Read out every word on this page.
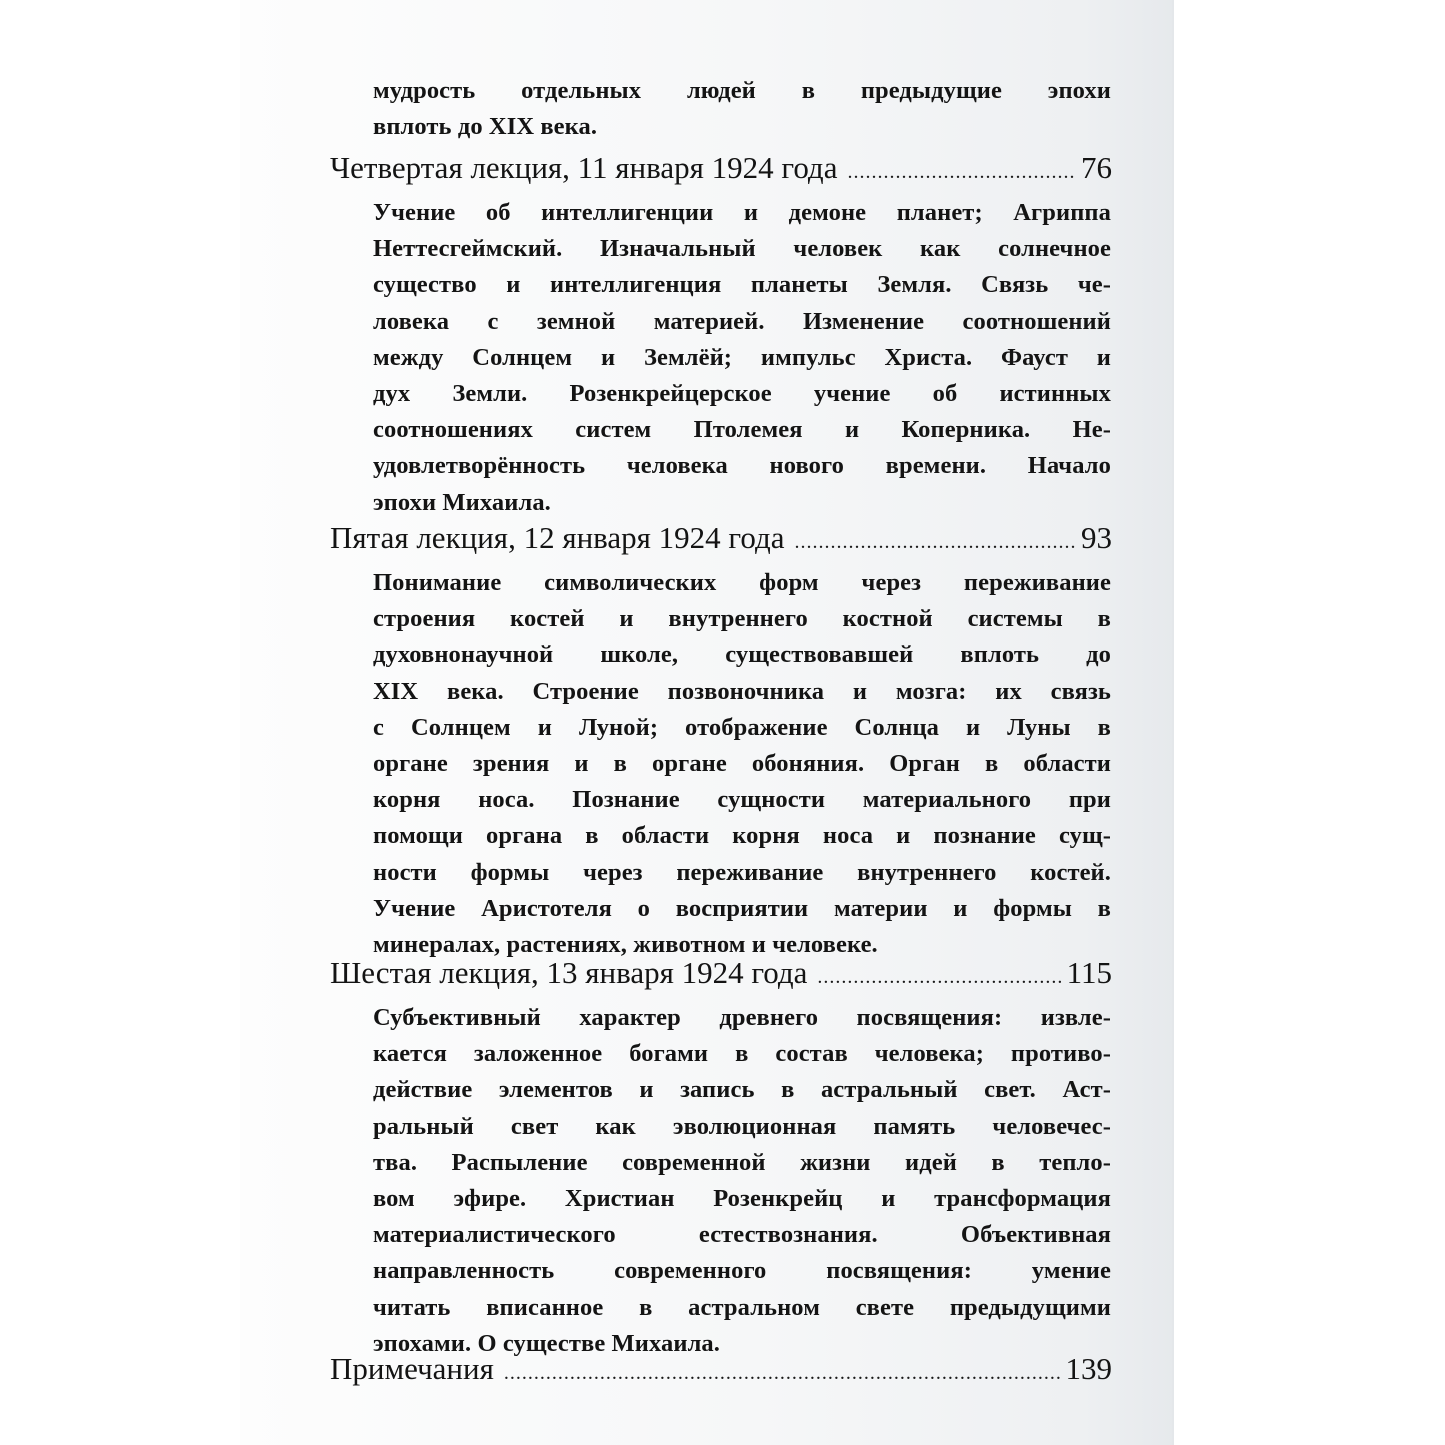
мудрость отдельных людей в предыдущие эпохи
вплоть до XIX века.
Четвертая лекция, 11 января 1924 года .....	76
Учение об интеллигенции и демоне планет; Агриппа
Неттесгеймский. Изначальный человек как солнечное
существо и интеллигенция планеты Земля. Связь че-
ловека с земной материей. Изменение соотношений
между Солнцем и Землёй; импульс Христа. Фауст и
дух Земли. Розенкрейцерское учение об истинных
соотношениях систем Птолемея и Коперника. Не-
удовлетворённость человека нового времени. Начало
эпохи Михаила.
Пятая лекция, 12 января 1924 года .....	93
Понимание символических форм через переживание
строения костей и внутреннего костной системы в
духовнонаучной школе, существовавшей вплоть до
XIX века. Строение позвоночника и мозга: их связь
с Солнцем и Луной; отображение Солнца и Луны в
органе зрения и в органе обоняния. Орган в области
корня носа. Познание сущности материального при
помощи органа в области корня носа и познание сущ-
ности формы через переживание внутреннего костей.
Учение Аристотеля о восприятии материи и формы в
минералах, растениях, животном и человеке.
Шестая лекция, 13 января 1924 года .....	115
Субъективный характер древнего посвящения: извле-
кается заложенное богами в состав человека; противо-
действие элементов и запись в астральный свет. Аст-
ральный свет как эволюционная память человечес-
тва. Распыление современной жизни идей в тепло-
вом эфире. Христиан Розенкрейц и трансформация
материалистического естествознания. Объективная
направленность современного посвящения: умение
читать вписанное в астральном свете предыдущими
эпохами. О существе Михаила.
Примечания .....	139
